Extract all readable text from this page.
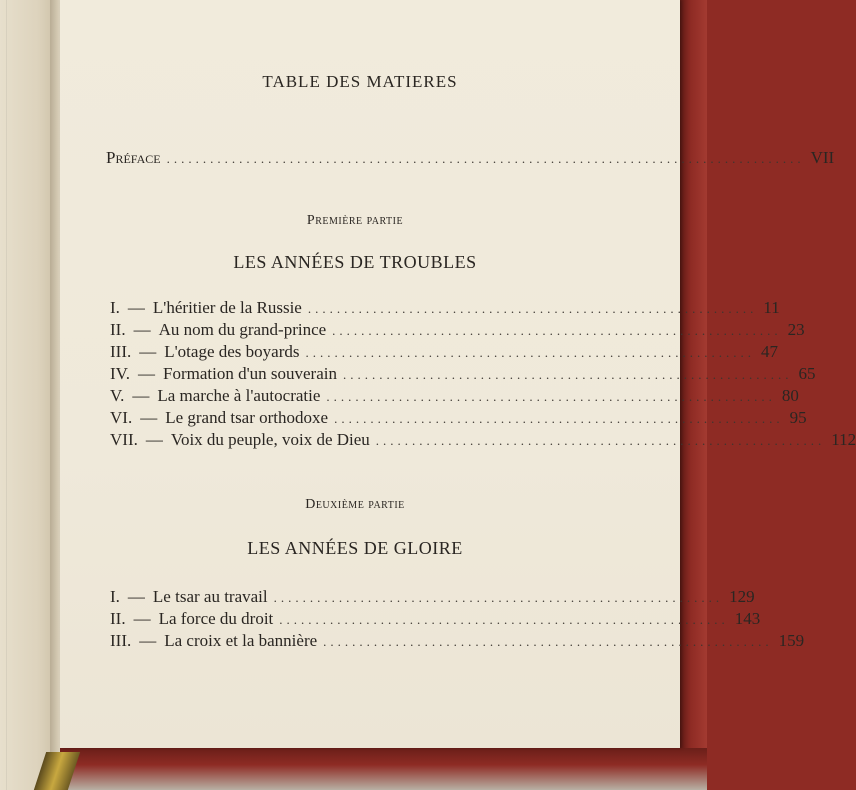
TABLE DES MATIERES
Préface ........................................................................................ VII
Première partie
LES ANNÉES DE TROUBLES
I. — L'héritier de la Russie .............................................................. 11
II. — Au nom du grand-prince .............................................................. 23
III. — L'otage des boyards .............................................................. 47
IV. — Formation d'un souverain .............................................................. 65
V. — La marche à l'autocratie .............................................................. 80
VI. — Le grand tsar orthodoxe .............................................................. 95
VII. — Voix du peuple, voix de Dieu .............................................................. 112
Deuxième partie
LES ANNÉES DE GLOIRE
I. — Le tsar au travail .............................................................. 129
II. — La force du droit .............................................................. 143
III. — La croix et la bannière .............................................................. 159
